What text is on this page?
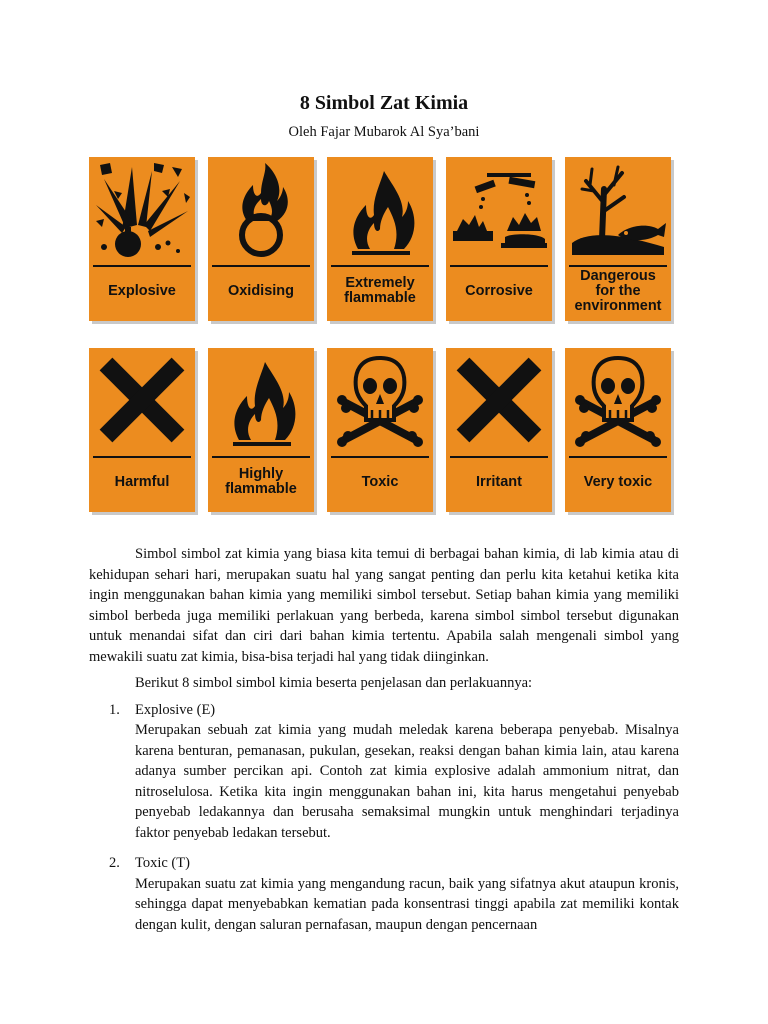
8 Simbol Zat Kimia
Oleh Fajar Mubarok Al Sya’bani
Explosive	Oxidising	Extremely
flammable	Corrosive
Dangerous
for the
environment
Harmful	Highly
flammable	Toxic	Irritant	Very toxic

Simbol simbol zat kimia yang biasa kita temui di berbagai bahan kimia, di lab kimia atau di kehidupan sehari hari, merupakan suatu hal yang sangat penting dan perlu kita ketahui ketika kita ingin menggunakan bahan kimia yang memiliki simbol tersebut. Setiap bahan kimia yang memiliki simbol berbeda juga memiliki perlakuan yang berbeda, karena simbol simbol tersebut digunakan untuk menandai sifat dan ciri dari bahan kimia tertentu. Apabila salah mengenali simbol yang mewakili suatu zat kimia, bisa-bisa terjadi hal yang tidak diinginkan.

Berikut 8 simbol simbol kimia beserta penjelasan dan perlakuannya:

1. Explosive (E)
Merupakan sebuah zat kimia yang mudah meledak karena beberapa penyebab. Misalnya karena benturan, pemanasan, pukulan, gesekan, reaksi dengan bahan kimia lain, atau karena adanya sumber percikan api. Contoh zat kimia explosive adalah ammonium nitrat, dan nitroselulosa. Ketika kita ingin menggunakan bahan ini, kita harus mengetahui penyebab penyebab ledakannya dan berusaha semaksimal mungkin untuk menghindari terjadinya faktor penyebab ledakan tersebut.
2. Toxic (T)
Merupakan suatu zat kimia yang mengandung racun, baik yang sifatnya akut ataupun kronis, sehingga dapat menyebabkan kematian pada konsentrasi tinggi apabila zat memiliki kontak dengan kulit, dengan saluran pernafasan, maupun dengan pencernaan
